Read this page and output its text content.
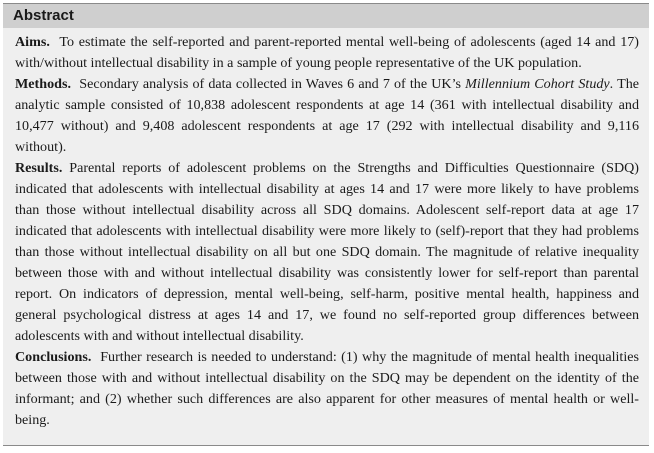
Abstract

Aims. To estimate the self-reported and parent-reported mental well-being of adolescents (aged 14 and 17) with/without intellectual disability in a sample of young people representative of the UK population.

Methods. Secondary analysis of data collected in Waves 6 and 7 of the UK’s Millennium Cohort Study. The analytic sample consisted of 10,838 adolescent respondents at age 14 (361 with intellectual disability and 10,477 without) and 9,408 adolescent respondents at age 17 (292 with intellectual disability and 9,116 without).

Results. Parental reports of adolescent problems on the Strengths and Difficulties Questionnaire (SDQ) indicated that adolescents with intellectual disability at ages 14 and 17 were more likely to have problems than those without intellectual disability across all SDQ domains. Adolescent self-report data at age 17 indicated that adolescents with intellectual disability were more likely to (self)-report that they had problems than those without intellectual disability on all but one SDQ domain. The magnitude of relative inequality between those with and without intellectual disability was consistently lower for self-report than parental report. On indicators of depression, mental well-being, self-harm, positive mental health, happiness and general psychological distress at ages 14 and 17, we found no self-reported group differences between adolescents with and without intellectual disability.

Conclusions. Further research is needed to understand: (1) why the magnitude of mental health inequalities between those with and without intellectual disability on the SDQ may be dependent on the identity of the informant; and (2) whether such differences are also apparent for other measures of mental health or well-being.
